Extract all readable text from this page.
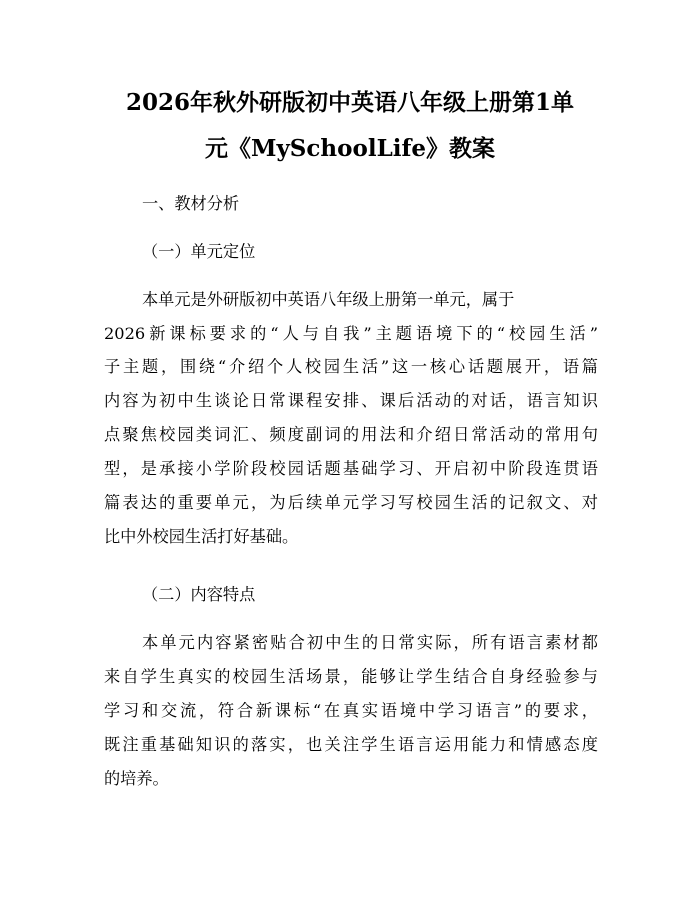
2026年秋外研版初中英语八年级上册第1单
元《MySchoolLife》教案
一、教材分析
（一）单元定位
本单元是外研版初中英语八年级上册第一单元，属于
2026新课标要求的“人与自我”主题语境下的“校园生活”
子主题，围绕“介绍个人校园生活”这一核心话题展开，语篇
内容为初中生谈论日常课程安排、课后活动的对话，语言知识
点聚焦校园类词汇、频度副词的用法和介绍日常活动的常用句
型，是承接小学阶段校园话题基础学习、开启初中阶段连贯语
篇表达的重要单元，为后续单元学习写校园生活的记叙文、对
比中外校园生活打好基础。
（二）内容特点
本单元内容紧密贴合初中生的日常实际，所有语言素材都
来自学生真实的校园生活场景，能够让学生结合自身经验参与
学习和交流，符合新课标“在真实语境中学习语言”的要求，
既注重基础知识的落实，也关注学生语言运用能力和情感态度
的培养。
